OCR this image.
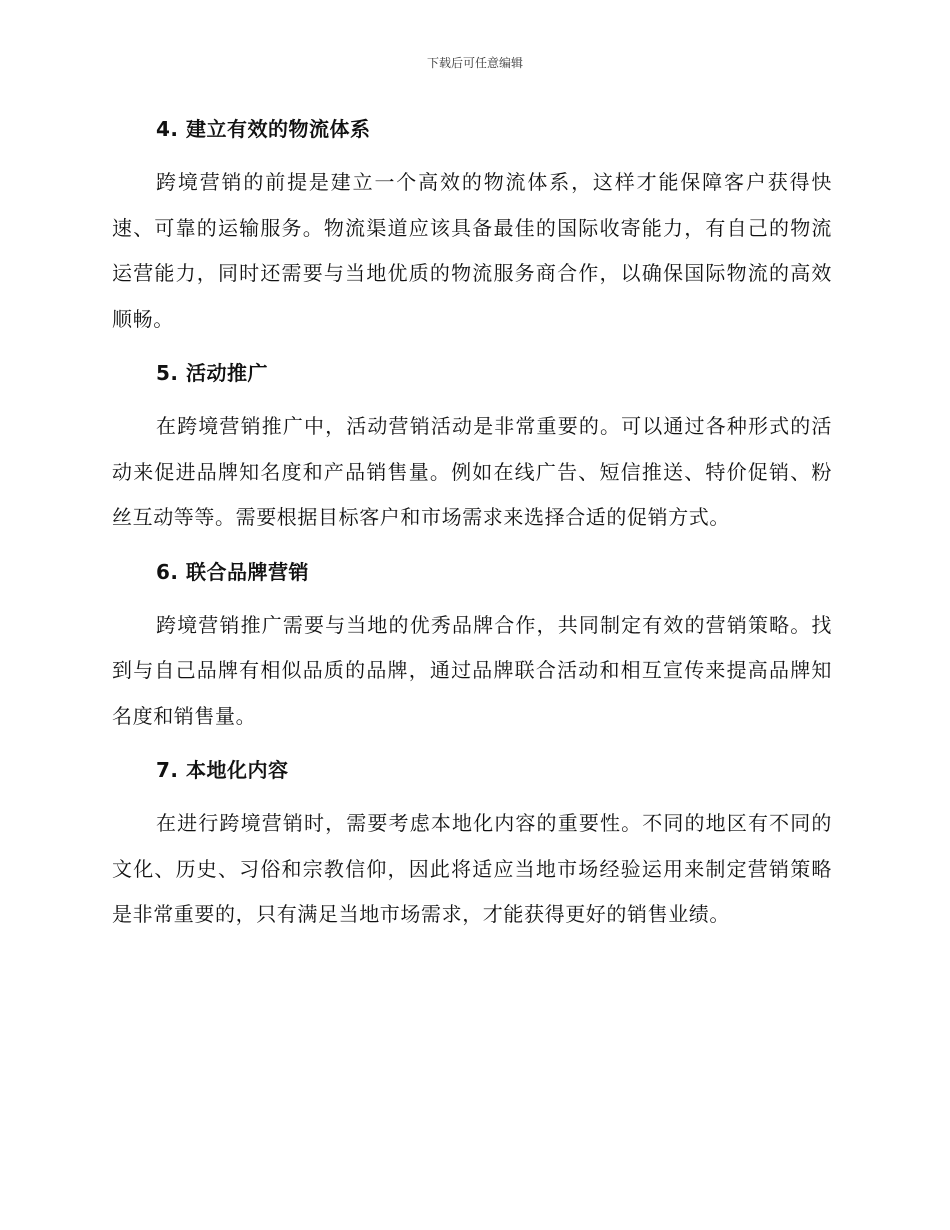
下载后可任意编辑
4. 建立有效的物流体系

跨境营销的前提是建立一个高效的物流体系，这样才能保障客户获得快速、可靠的运输服务。物流渠道应该具备最佳的国际收寄能力，有自己的物流运营能力，同时还需要与当地优质的物流服务商合作，以确保国际物流的高效顺畅。

5. 活动推广

在跨境营销推广中，活动营销活动是非常重要的。可以通过各种形式的活动来促进品牌知名度和产品销售量。例如在线广告、短信推送、特价促销、粉丝互动等等。需要根据目标客户和市场需求来选择合适的促销方式。

6. 联合品牌营销

跨境营销推广需要与当地的优秀品牌合作，共同制定有效的营销策略。找到与自己品牌有相似品质的品牌，通过品牌联合活动和相互宣传来提高品牌知名度和销售量。

7. 本地化内容

在进行跨境营销时，需要考虑本地化内容的重要性。不同的地区有不同的文化、历史、习俗和宗教信仰，因此将适应当地市场经验运用来制定营销策略是非常重要的，只有满足当地市场需求，才能获得更好的销售业绩。
